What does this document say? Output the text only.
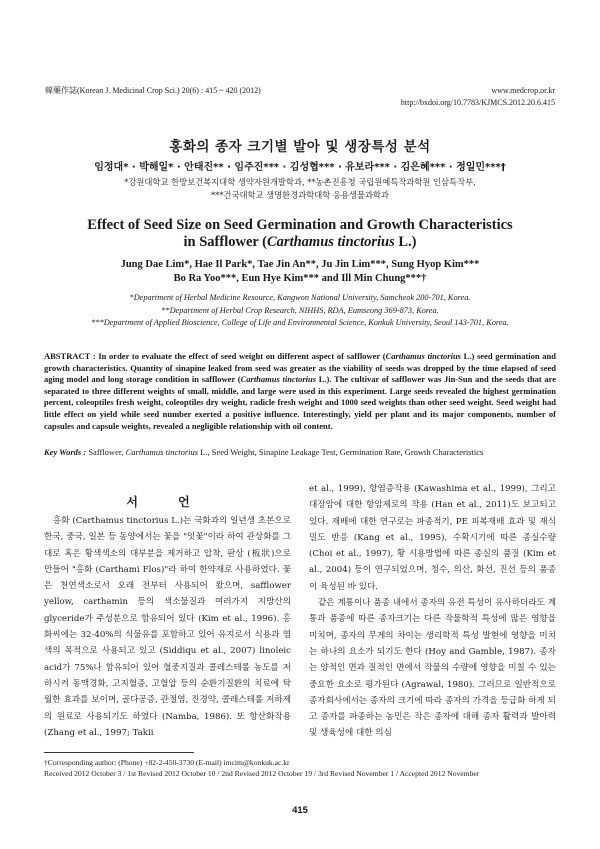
韓藥作誌(Korean J. Medicinal Crop Sci.) 20(6) : 415 ~ 420 (2012)	www.medcrop.or.kr
http://bxdoi.org/10.7783/KJMCS.2012.20.6.415
홍화의 종자 크기별 발아 및 생장특성 분석
임정대* · 박해일* · 안태진** · 임주진*** · 김성협*** · 유보라*** · 김은혜*** · 정일민***†
*강원대학교 한방보건복지대학 생약자원개발학과, **농촌진흥청 국립원예특작과학원 인삼특작부,
***건국대학교 생명환경과학대학 응용생물과학과
Effect of Seed Size on Seed Germination and Growth Characteristics
in Safflower (Carthamus tinctorius L.)
Jung Dae Lim*, Hae Il Park*, Tae Jin An**, Ju Jin Lim***, Sung Hyop Kim***
Bo Ra Yoo***, Eun Hye Kim*** and Ill Min Chung***†
*Department of Herbal Medicine Resource, Kangwon National University, Samcheok 200-701, Korea.
**Department of Herbal Crop Research, NIHHS, RDA, Eumseong 369-873, Korea.
***Department of Applied Bioscience, College of Life and Environmental Science, Konkuk University, Seoul 143-701, Korea.
ABSTRACT : In order to evaluate the effect of seed weight on different aspect of safflower (Carthamus tinctorius L.) seed germination and growth characteristics. Quantity of sinapine leaked from seed was greater as the viability of seeds was dropped by the time elapsed of seed aging model and long storage condition in safflower (Carthamus tinctorius L.). The cultivar of safflower was Jin-Sun and the seeds that are separated to three different weights of small, middle, and large were used in this experiment. Large seeds revealed the highest germination percent, coleoptiles fresh weight, coleoptiles dry weight, radicle fresh weight and 1000 seed weights than other seed weight. Seed weight had little effect on yield while seed number exerted a positive influence. Interestingly, yield per plant and its major components, number of capsules and capsule weights, revealed a negligible relationship with oil content.
Key Words : Safflower, Carthamus tinctorius L., Seed Weight, Sinapine Leakage Test, Germination Rate, Growth Characteristics
서 언

홍화 (Carthamus tinctorius L.)는 국화과의 일년생 초본으로 한국, 중국, 일본 등 동양에서는 꽃을 "잇꽃"이라 하여 관상화를 그대로 혹은 황색색소의 대부분을 제거하고 압착, 판상 (板狀)으로 만들어 "홍화 (Carthami Flos)"라 하여 한약재로 사용하였다. 꽃은 천연색소로서 오래 전부터 사용되어 왔으며, safflower yellow, carthamin 등의 색소물질과 여러가지 지방산의 glyceride가 주성분으로 함유되어 있다 (Kim et al., 1996). 홍화씨에는 32-40%의 식물유를 포함하고 있어 유지로서 식용과 염색의 목적으로 사용되고 있고 (Siddiqu et al., 2007) linoleic acid가 75%나 함유되어 있어 혈중지질과 콜레스테롤 농도를 저하시켜 동맥경화, 고지혈증, 고혈압 등의 순환기질환의 치료에 탁월한 효과를 보이며, 골다공증, 관절염, 진경약, 콜레스테롤 저하제의 원료로 사용되기도 하였다 (Namba, 1986). 또 항산화작용 (Zhang et al., 1997; Takii

et al., 1999), 항염증작용 (Kawashima et al., 1999), 그리고 대장암에 대한 항암제로의 작용 (Han et al., 2011)도 보고되고 있다. 재배에 대한 연구로는 파종적기, PE 피복재배 효과 및 재식밀도 반응 (Kang et al., 1995), 수확시기에 따른 종실수량 (Choi et al., 1997), 황 시용방법에 따른 종실의 품질 (Kim et al., 2004) 등이 연구되었으며, 청수, 의산, 화선, 진선 등의 품종이 육성된 바 있다.

같은 계통이나 품종 내에서 종자의 유전 특성이 유사하더라도 계통과 품종에 따른 종자크기는 다른 작물학적 특성에 많은 영향을 미치며, 종자의 무게의 차이는 생리학적 특성 발현에 영향을 미치는 하나의 요소가 되기도 한다 (Hoy and Gamble, 1987). 종자는 양적인 면과 질적인 면에서 작물의 수량에 영향을 미칠 수 있는 중요한 요소로 평가된다 (Agrawal, 1980). 그러므로 일반적으로 종자회사에서는 종자의 크기에 따라 종자의 가격을 등급화 하게 되고 종자를 파종하는 농민은 작은 종자에 대해 종자 활력과 발아력 및 생육성에 대한 의심

†Corresponding author: (Phone) +82-2-450-3730 (E-mail) imcim@konkuk.ac.kr
Received 2012 October 3 / 1st Revised 2012 October 10 / 2nd Revised 2012 October 19 / 3rd Revised November 1 / Accepted 2012 November
415
